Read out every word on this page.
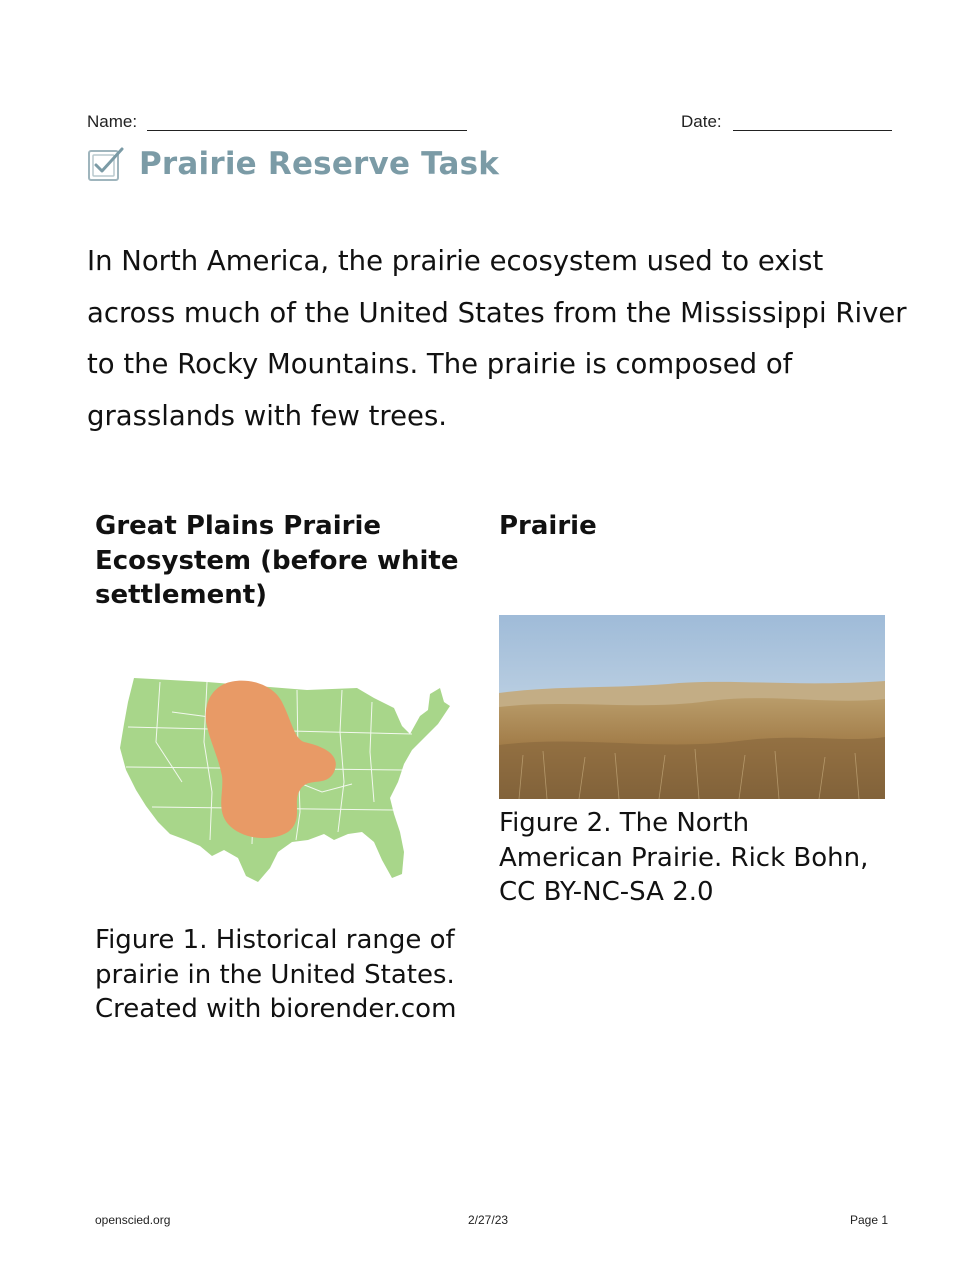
Name:	Date:
Prairie Reserve Task

In North America, the prairie ecosystem used to exist across much of the United States from the Mississippi River to the Rocky Mountains. The prairie is composed of grasslands with few trees.

Great Plains Prairie Ecosystem (before white settlement)

Figure 1. Historical range of prairie in the United States. Created with biorender.com

Prairie

Figure 2. The North American Prairie. Rick Bohn, CC BY-NC-SA 2.0

openscied.org	2/27/23	Page 1
